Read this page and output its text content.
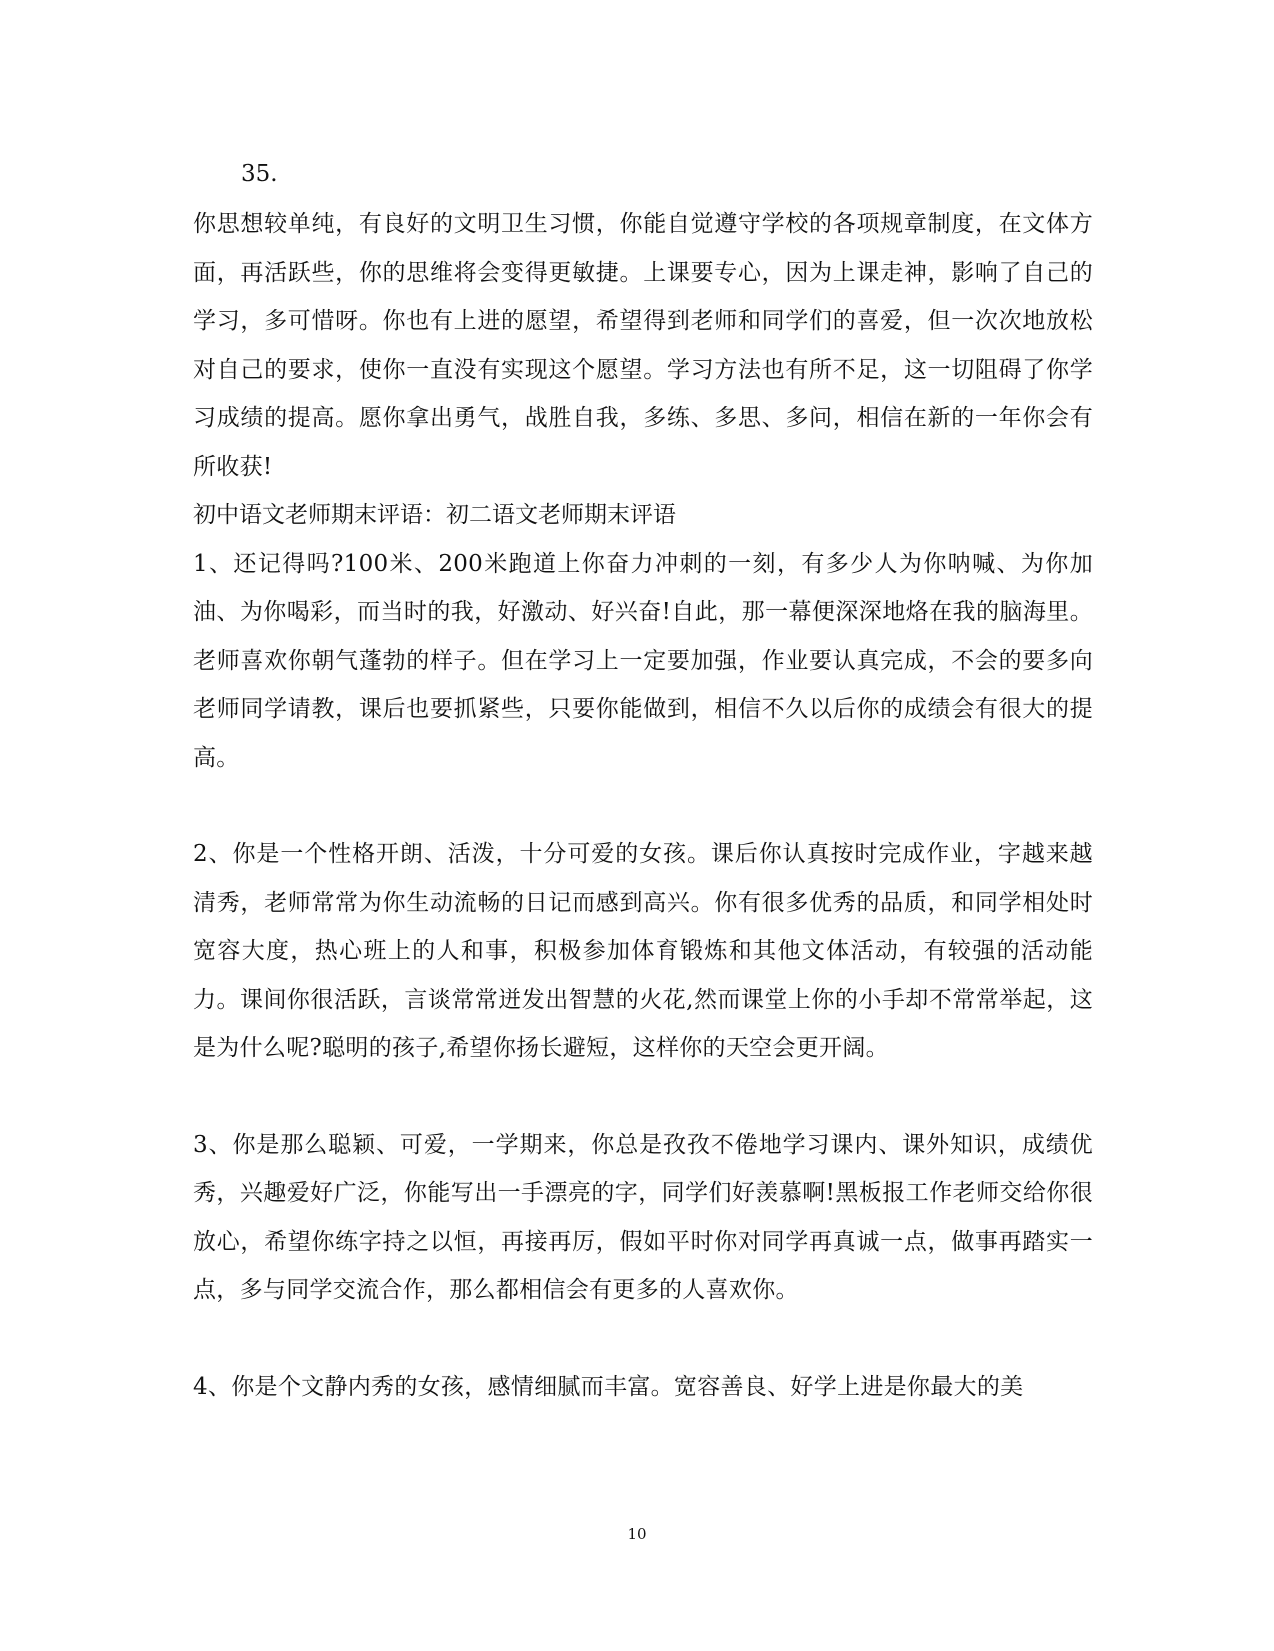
35.

你思想较单纯，有良好的文明卫生习惯，你能自觉遵守学校的各项规章制度，在文体方面，再活跃些，你的思维将会变得更敏捷。上课要专心，因为上课走神，影响了自己的学习，多可惜呀。你也有上进的愿望，希望得到老师和同学们的喜爱，但一次次地放松对自己的要求，使你一直没有实现这个愿望。学习方法也有所不足，这一切阻碍了你学习成绩的提高。愿你拿出勇气，战胜自我，多练、多思、多问，相信在新的一年你会有所收获!

初中语文老师期末评语：初二语文老师期末评语

1、还记得吗?100米、200米跑道上你奋力冲刺的一刻，有多少人为你呐喊、为你加油、为你喝彩，而当时的我，好激动、好兴奋!自此，那一幕便深深地烙在我的脑海里。老师喜欢你朝气蓬勃的样子。但在学习上一定要加强，作业要认真完成，不会的要多向老师同学请教，课后也要抓紧些，只要你能做到，相信不久以后你的成绩会有很大的提高。

2、你是一个性格开朗、活泼，十分可爱的女孩。课后你认真按时完成作业，字越来越清秀，老师常常为你生动流畅的日记而感到高兴。你有很多优秀的品质，和同学相处时宽容大度，热心班上的人和事，积极参加体育锻炼和其他文体活动，有较强的活动能力。课间你很活跃，言谈常常迸发出智慧的火花,然而课堂上你的小手却不常常举起，这是为什么呢?聪明的孩子,希望你扬长避短，这样你的天空会更开阔。

3、你是那么聪颖、可爱，一学期来，你总是孜孜不倦地学习课内、课外知识，成绩优秀，兴趣爱好广泛，你能写出一手漂亮的字，同学们好羡慕啊!黑板报工作老师交给你很放心，希望你练字持之以恒，再接再厉，假如平时你对同学再真诚一点，做事再踏实一点，多与同学交流合作，那么都相信会有更多的人喜欢你。

4、你是个文静内秀的女孩，感情细腻而丰富。宽容善良、好学上进是你最大的美

10
